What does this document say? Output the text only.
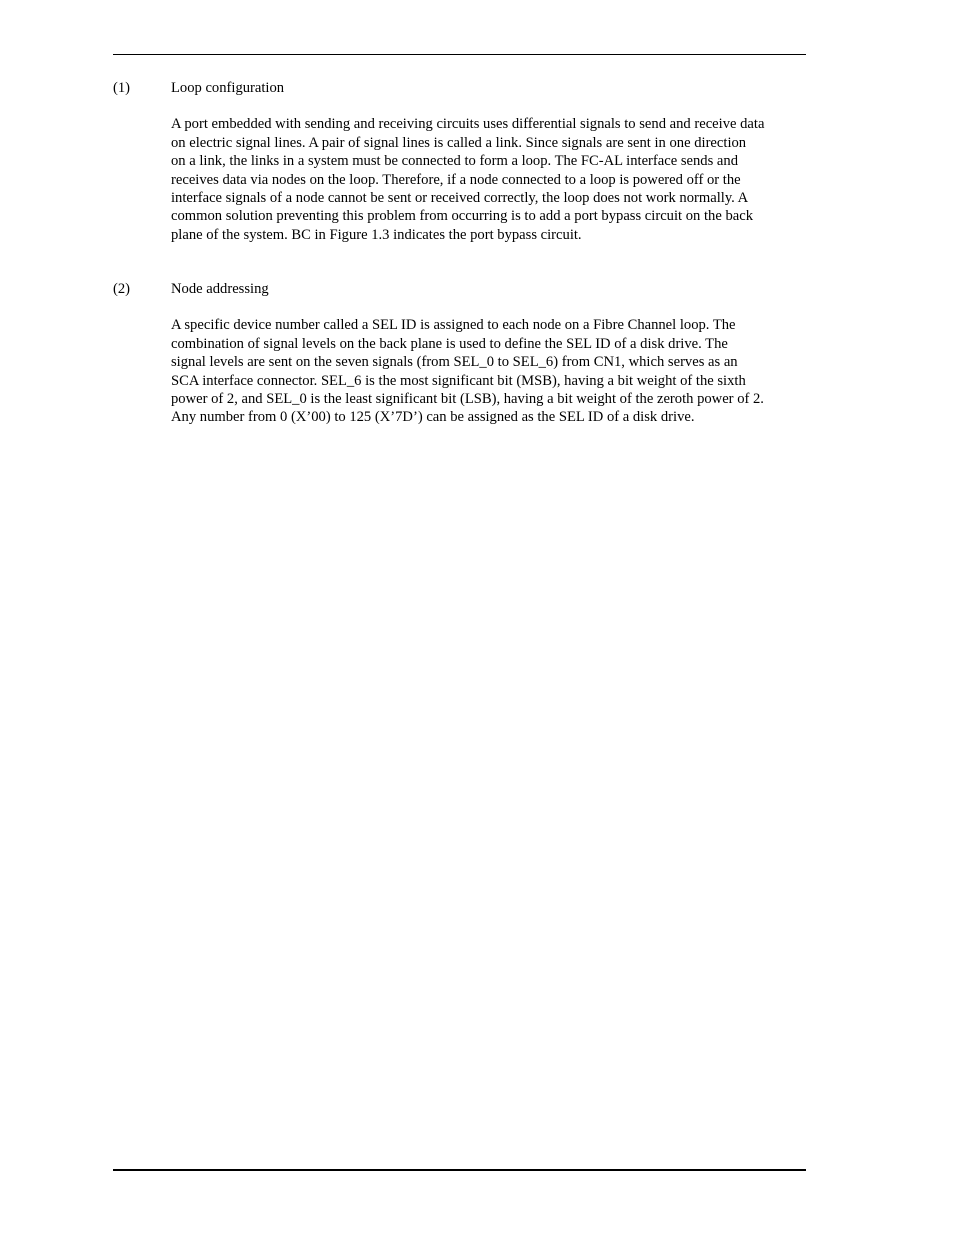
(1)	Loop configuration
A port embedded with sending and receiving circuits uses differential signals to send and receive data
on electric signal lines. A pair of signal lines is called a link. Since signals are sent in one direction
on a link, the links in a system must be connected to form a loop. The FC-AL interface sends and
receives data via nodes on the loop. Therefore, if a node connected to a loop is powered off or the
interface signals of a node cannot be sent or received correctly, the loop does not work normally. A
common solution preventing this problem from occurring is to add a port bypass circuit on the back
plane of the system. BC in Figure 1.3 indicates the port bypass circuit.
(2)	Node addressing
A specific device number called a SEL ID is assigned to each node on a Fibre Channel loop. The
combination of signal levels on the back plane is used to define the SEL ID of a disk drive. The
signal levels are sent on the seven signals (from SEL_0 to SEL_6) from CN1, which serves as an
SCA interface connector. SEL_6 is the most significant bit (MSB), having a bit weight of the sixth
power of 2, and SEL_0 is the least significant bit (LSB), having a bit weight of the zeroth power of 2.
Any number from 0 (X’00) to 125 (X’7D’) can be assigned as the SEL ID of a disk drive.
